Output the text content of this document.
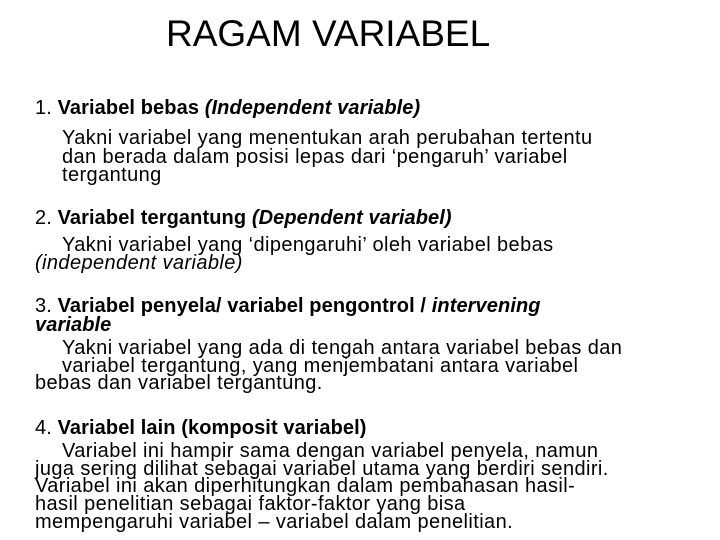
RAGAM VARIABEL
1. Variabel bebas (Independent variable)
Yakni variabel yang menentukan arah perubahan tertentu
dan berada dalam posisi lepas dari ‘pengaruh’ variabel
tergantung
2. Variabel tergantung (Dependent variabel)
Yakni variabel yang ‘dipengaruhi’ oleh variabel bebas
(independent variable)
3. Variabel penyela/ variabel pengontrol / intervening
variable
Yakni variabel yang ada di tengah antara variabel bebas dan
variabel tergantung, yang menjembatani antara variabel
bebas dan variabel tergantung.
4. Variabel lain (komposit variabel)
Variabel ini hampir sama dengan variabel penyela, namun
juga sering dilihat sebagai variabel utama yang berdiri sendiri.
Variabel ini akan diperhitungkan dalam pembahasan hasil-
hasil penelitian sebagai faktor-faktor yang bisa
mempengaruhi variabel – variabel dalam penelitian.
